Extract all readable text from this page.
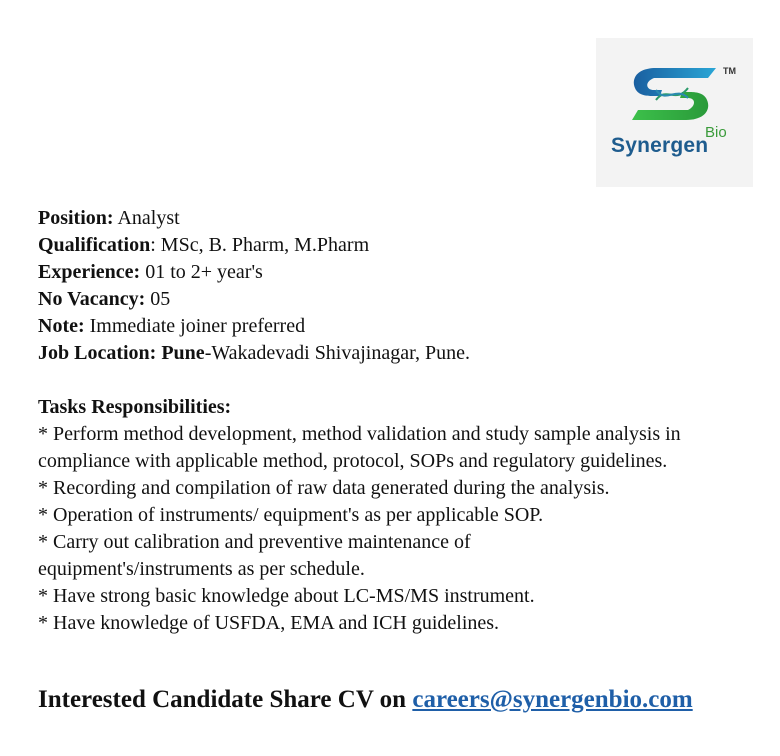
TM
Synergen
Bio

Position: Analyst

Qualification: MSc, B. Pharm, M.Pharm

Experience: 01 to 2+ year's

No Vacancy: 05

Note: Immediate joiner preferred

Job Location: Pune-Wakadevadi Shivajinagar, Pune.

Tasks Responsibilities:

* Perform method development, method validation and study sample analysis in compliance with applicable method, protocol, SOPs and regulatory guidelines.

* Recording and compilation of raw data generated during the analysis.

* Operation of instruments/ equipment's as per applicable SOP.

* Carry out calibration and preventive maintenance of equipment's/instruments as per schedule.

* Have strong basic knowledge about LC-MS/MS instrument.

* Have knowledge of USFDA, EMA and ICH guidelines.

Interested Candidate Share CV on careers@synergenbio.com
